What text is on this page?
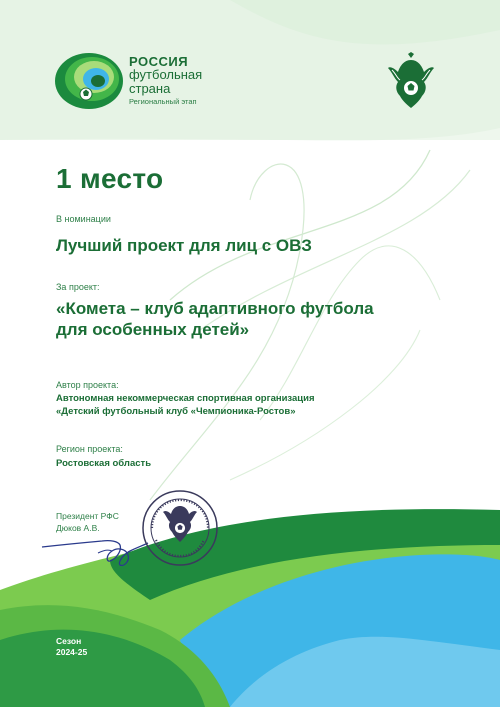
РОССИЯ
футбольная
страна
Региональный этап
1 место
В номинации
Лучший проект для лиц с ОВЗ
За проект:
«Комета – клуб адаптивного футбола
для особенных детей»
Автор проекта:
Автономная некоммерческая спортивная организация
«Детский футбольный клуб «Чемпионика-Ростов»
Регион проекта:
Ростовская область
Президент РФС
Дюков А.В.
Сезон
2024-25
